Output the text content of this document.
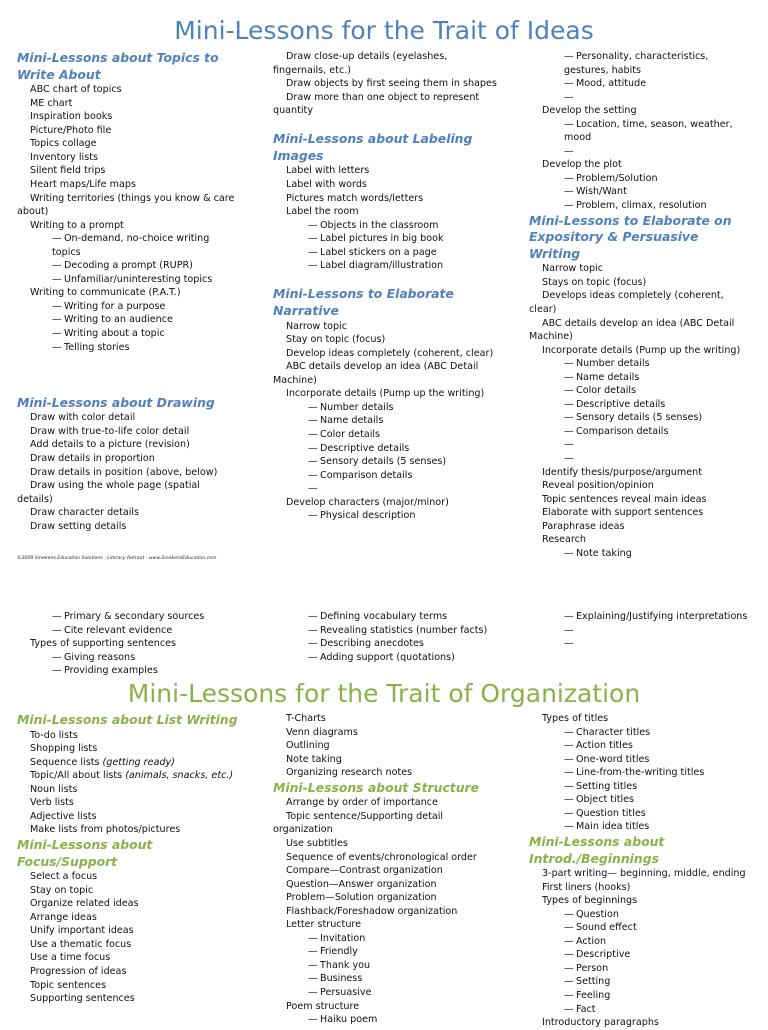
Mini-Lessons for the Trait of Ideas
Mini-Lessons about Topics to Write About
ABC chart of topics
ME chart
Inspiration books
Picture/Photo file
Topics collage
Inventory lists
Silent field trips
Heart maps/Life maps
Writing territories (things you know & care about)
Writing to a prompt
— On-demand, no-choice writing topics
— Decoding a prompt (RUPR)
— Unfamiliar/uninteresting topics
Writing to communicate (P.A.T.)
— Writing for a purpose
— Writing to an audience
— Writing about a topic
— Telling stories
Mini-Lessons about Drawing
Draw with color detail
Draw with true-to-life color detail
Add details to a picture (revision)
Draw details in proportion
Draw details in position (above, below)
Draw using the whole page (spatial details)
Draw character details
Draw setting details
Draw close-up details (eyelashes, fingernails, etc.)
Draw objects by first seeing them in shapes
Draw more than one object to represent quantity
Mini-Lessons about Labeling Images
Label with letters
Label with words
Pictures match words/letters
Label the room
— Objects in the classroom
— Label pictures in big book
— Label stickers on a page
— Label diagram/illustration
Mini-Lessons to Elaborate Narrative
Narrow topic
Stay on topic (focus)
Develop ideas completely (coherent, clear)
ABC details develop an idea (ABC Detail Machine)
Incorporate details (Pump up the writing)
— Number details
— Name details
— Color details
— Descriptive details
— Sensory details (5 senses)
— Comparison details
—
Develop characters (major/minor)
— Physical description
— Personality, characteristics, gestures, habits
— Mood, attitude
—
Develop the setting
— Location, time, season, weather, mood
—
Develop the plot
— Problem/Solution
— Wish/Want
— Problem, climax, resolution
Mini-Lessons to Elaborate on Expository & Persuasive Writing
Narrow topic
Stays on topic (focus)
Develops ideas completely (coherent, clear)
ABC details develop an idea (ABC Detail Machine)
Incorporate details (Pump up the writing)
— Number details
— Name details
— Color details
— Descriptive details
— Sensory details (5 senses)
— Comparison details
—
—
Identify thesis/purpose/argument
Reveal position/opinion
Topic sentences reveal main ideas
Elaborate with support sentences
Paraphrase ideas
Research
— Note taking
©2009 Smekens Education Solutions - Literacy Retreat - www.SmekensEducation.com
— Primary & secondary sources
— Cite relevant evidence
Types of supporting sentences
— Giving reasons
— Providing examples
— Defining vocabulary terms
— Revealing statistics (number facts)
— Describing anecdotes
— Adding support (quotations)
— Explaining/Justifying interpretations
—
—
Mini-Lessons for the Trait of Organization
Mini-Lessons about List Writing
To-do lists
Shopping lists
Sequence lists (getting ready)
Topic/All about lists (animals, snacks, etc.)
Noun lists
Verb lists
Adjective lists
Make lists from photos/pictures
Mini-Lessons about Focus/Support
Select a focus
Stay on topic
Organize related ideas
Arrange ideas
Unify important ideas
Use a thematic focus
Use a time focus
Progression of ideas
Topic sentences
Supporting sentences
T-Charts
Venn diagrams
Outlining
Note taking
Organizing research notes
Mini-Lessons about Structure
Arrange by order of importance
Topic sentence/Supporting detail organization
Use subtitles
Sequence of events/chronological order
Compare—Contrast organization
Question—Answer organization
Problem—Solution organization
Flashback/Foreshadow organization
Letter structure
— Invitation
— Friendly
— Thank you
— Business
— Persuasive
Poem structure
— Haiku poem
Types of titles
— Character titles
— Action titles
— One-word titles
— Line-from-the-writing titles
— Setting titles
— Object titles
— Question titles
— Main idea titles
Mini-Lessons about Introd./Beginnings
3-part writing— beginning, middle, ending
First liners (hooks)
Types of beginnings
— Question
— Sound effect
— Action
— Descriptive
— Person
— Setting
— Feeling
— Fact
Introductory paragraphs
